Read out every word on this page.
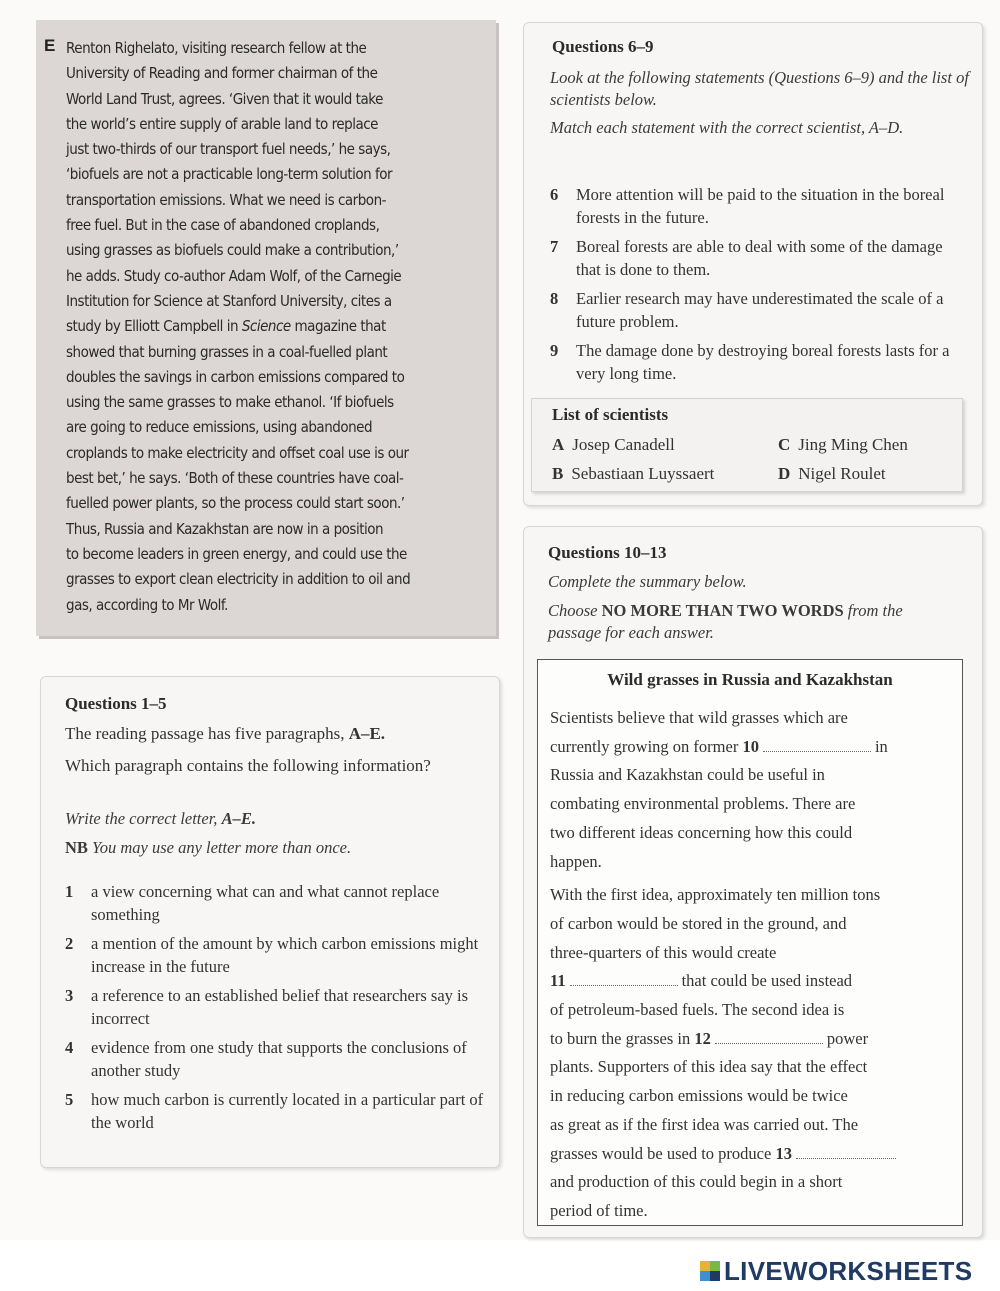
E Renton Righelato, visiting research fellow at the
University of Reading and former chairman of the
World Land Trust, agrees. ‘Given that it would take
the world’s entire supply of arable land to replace
just two-thirds of our transport fuel needs,’ he says,
‘biofuels are not a practicable long-term solution for
transportation emissions. What we need is carbon-
free fuel. But in the case of abandoned croplands,
using grasses as biofuels could make a contribution,’
he adds. Study co-author Adam Wolf, of the Carnegie
Institution for Science at Stanford University, cites a
study by Elliott Campbell in Science magazine that
showed that burning grasses in a coal-fuelled plant
doubles the savings in carbon emissions compared to
using the same grasses to make ethanol. ‘If biofuels
are going to reduce emissions, using abandoned
croplands to make electricity and offset coal use is our
best bet,’ he says. ‘Both of these countries have coal-
fuelled power plants, so the process could start soon.’
Thus, Russia and Kazakhstan are now in a position
to become leaders in green energy, and could use the
grasses to export clean electricity in addition to oil and
gas, according to Mr Wolf.
Questions 6–9
Look at the following statements (Questions 6–9) and the list of scientists below.
Match each statement with the correct scientist, A–D.
6 More attention will be paid to the situation in the boreal forests in the future.
7 Boreal forests are able to deal with some of the damage that is done to them.
8 Earlier research may have underestimated the scale of a future problem.
9 The damage done by destroying boreal forests lasts for a very long time.
List of scientists
A Josep Canadell
B Sebastiaan Luyssaert
C Jing Ming Chen
D Nigel Roulet
Questions 10–13
Complete the summary below.
Choose NO MORE THAN TWO WORDS from the
passage for each answer.
Wild grasses in Russia and Kazakhstan
Scientists believe that wild grasses which are
currently growing on former 10	in
Russia and Kazakhstan could be useful in
combating environmental problems. There are
two different ideas concerning how this could
happen.
With the first idea, approximately ten million tons
of carbon would be stored in the ground, and
three-quarters of this would create
11	that could be used instead
of petroleum-based fuels. The second idea is
to burn the grasses in 12	power
plants. Supporters of this idea say that the effect
in reducing carbon emissions would be twice
as great as if the first idea was carried out. The
grasses would be used to produce 13
and production of this could begin in a short
period of time.
Questions 1–5
The reading passage has five paragraphs, A–E.
Which paragraph contains the following information?
Write the correct letter, A–E.
NB You may use any letter more than once.
1 a view concerning what can and what cannot replace something
2 a mention of the amount by which carbon emissions might increase in the future
3 a reference to an established belief that researchers say is incorrect
4 evidence from one study that supports the conclusions of another study
5 how much carbon is currently located in a particular part of the world
LIVEWORKSHEETS
